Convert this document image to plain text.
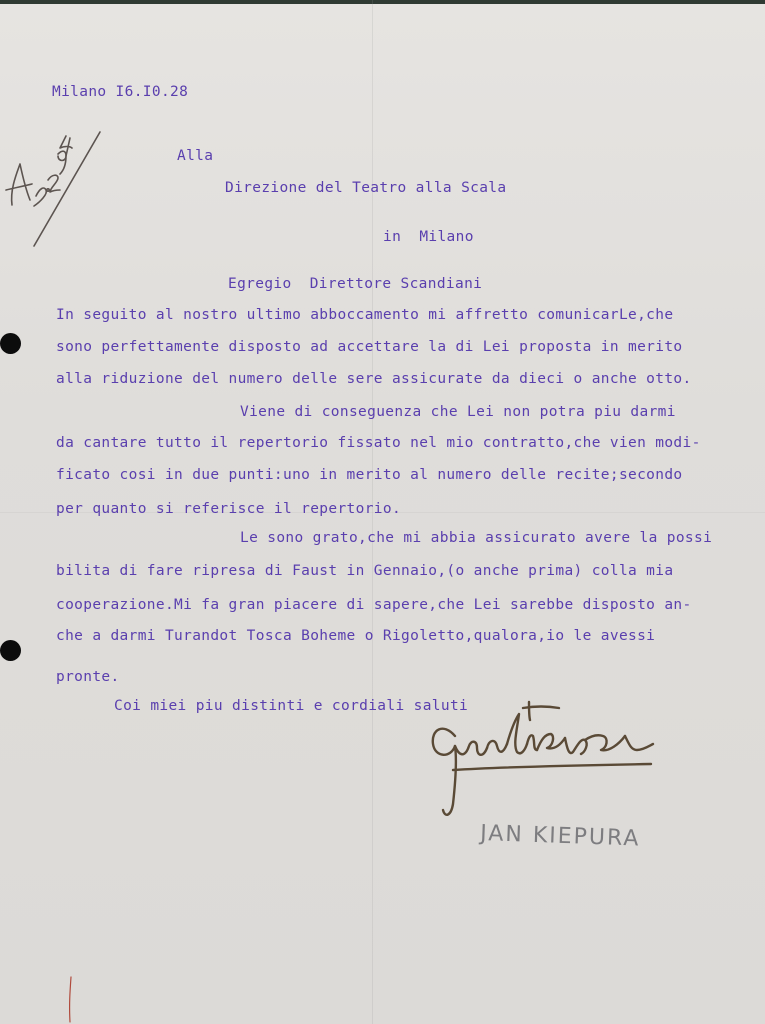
Milano I6.I0.28
Alla
Direzione del Teatro alla Scala
in  Milano
Egregio  Direttore Scandiani
In seguito al nostro ultimo abboccamento mi affretto comunicarLe,che
sono perfettamente disposto ad accettare la di Lei proposta in merito
alla riduzione del numero delle sere assicurate da dieci o anche otto.
Viene di conseguenza che Lei non potra piu darmi
da cantare tutto il repertorio fissato nel mio contratto,che vien modi-
ficato cosi in due punti:uno in merito al numero delle recite;secondo
per quanto si referisce il repertorio.
Le sono grato,che mi abbia assicurato avere la possi
bilita di fare ripresa di Faust in Gennaio,(o anche prima) colla mia
cooperazione.Mi fa gran piacere di sapere,che Lei sarebbe disposto an-
che a darmi Turandot Tosca Boheme o Rigoletto,qualora,io le avessi
pronte.
Coi miei piu distinti e cordiali saluti
JAN KIEPURA
